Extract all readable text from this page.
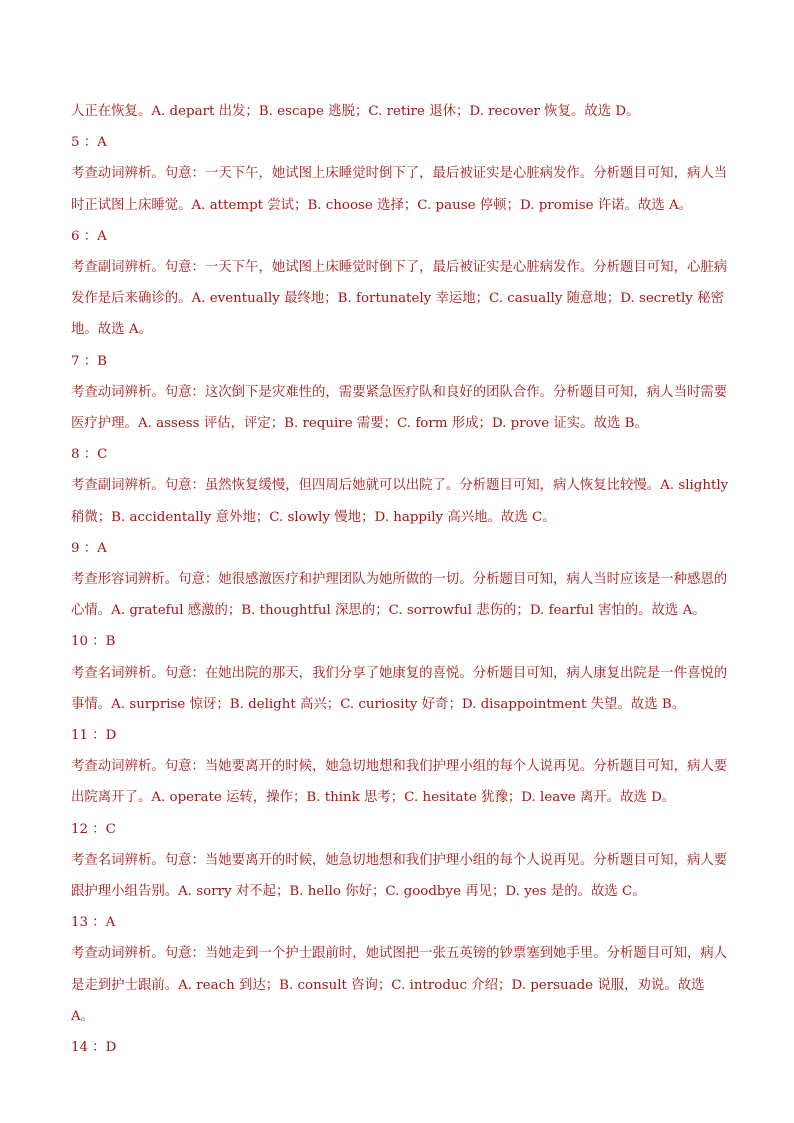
人正在恢复。A. depart 出发；B. escape 逃脱；C. retire 退休；D. recover 恢复。故选 D。
5 ：A
考查动词辨析。句意：一天下午，她试图上床睡觉时倒下了，最后被证实是心脏病发作。分析题目可知，病人当时正试图上床睡觉。A. attempt 尝试；B. choose 选择；C. pause 停顿；D. promise 许诺。故选 A。
6 ：A
考查副词辨析。句意：一天下午，她试图上床睡觉时倒下了，最后被证实是心脏病发作。分析题目可知，心脏病发作是后来确诊的。A. eventually 最终地；B. fortunately 幸运地；C. casually 随意地；D. secretly 秘密地。故选 A。
7 ：B
考查动词辨析。句意：这次倒下是灾难性的，需要紧急医疗队和良好的团队合作。分析题目可知，病人当时需要医疗护理。A. assess 评估，评定；B. require 需要；C. form 形成；D. prove 证实。故选 B。
8 ：C
考查副词辨析。句意：虽然恢复缓慢，但四周后她就可以出院了。分析题目可知，病人恢复比较慢。A. slightly 稍微；B. accidentally 意外地；C. slowly 慢地；D. happily 高兴地。故选 C。
9 ：A
考查形容词辨析。句意：她很感激医疗和护理团队为她所做的一切。分析题目可知，病人当时应该是一种感恩的心情。A. grateful 感激的；B. thoughtful 深思的；C. sorrowful 悲伤的；D. fearful 害怕的。故选 A。
10 ：B
考查名词辨析。句意：在她出院的那天，我们分享了她康复的喜悦。分析题目可知，病人康复出院是一件喜悦的事情。A. surprise 惊讶；B. delight 高兴；C. curiosity 好奇；D. disappointment 失望。故选 B。
11 ：D
考查动词辨析。句意：当她要离开的时候，她急切地想和我们护理小组的每个人说再见。分析题目可知，病人要出院离开了。A. operate 运转，操作；B. think 思考；C. hesitate 犹豫；D. leave 离开。故选 D。
12 ：C
考查名词辨析。句意：当她要离开的时候，她急切地想和我们护理小组的每个人说再见。分析题目可知，病人要跟护理小组告别。A. sorry 对不起；B. hello 你好；C. goodbye 再见；D. yes 是的。故选 C。
13 ：A
考查动词辨析。句意：当她走到一个护士跟前时，她试图把一张五英镑的钞票塞到她手里。分析题目可知，病人是走到护士跟前。A. reach 到达；B. consult 咨询；C. introduc 介绍；D. persuade 说服，劝说。故选 A。
14 ：D
